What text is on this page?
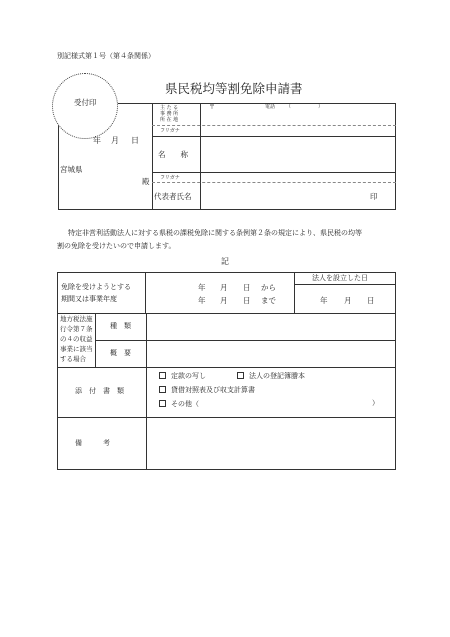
別記様式第１号（第４条関係）
県民税均等割免除申請書
受付印
年 月 日
宮城県
殿
主 た る
事 務 所
所 在 地
〒	電話 （	）
フリガナ
名　　称
フリガナ
代表者氏名	印
特定非営利活動法人に対する県税の課税免除に関する条例第２条の規定により、県民税の均等
割の免除を受けたいので申請します。
記
免除を受けようとする
期間又は事業年度
年 月 日 から
年 月 日 まで
法人を設立した日
年 月 日
地方税法施
行令第７条
の４の収益
事業に該当
する場合
種　類
概　要
添　付　書　類
定款の写し	法人の登記簿謄本
貸借対照表及び収支計算書
その他（	）
備　　　考
